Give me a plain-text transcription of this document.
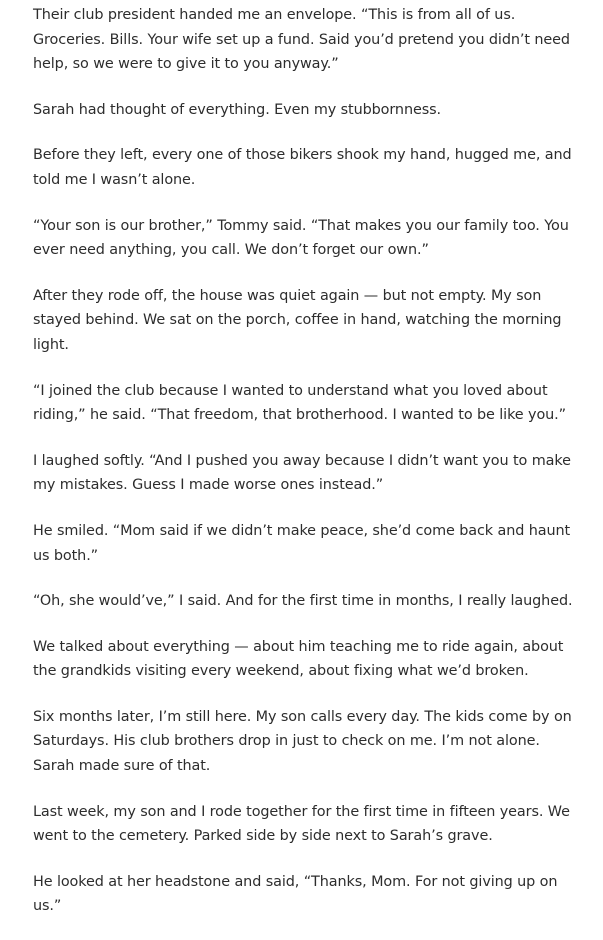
Their club president handed me an envelope. “This is from all of us. Groceries. Bills. Your wife set up a fund. Said you’d pretend you didn’t need help, so we were to give it to you anyway.”

Sarah had thought of everything. Even my stubbornness.

Before they left, every one of those bikers shook my hand, hugged me, and told me I wasn’t alone.

“Your son is our brother,” Tommy said. “That makes you our family too. You ever need anything, you call. We don’t forget our own.”

After they rode off, the house was quiet again — but not empty. My son stayed behind. We sat on the porch, coffee in hand, watching the morning light.

“I joined the club because I wanted to understand what you loved about riding,” he said. “That freedom, that brotherhood. I wanted to be like you.”

I laughed softly. “And I pushed you away because I didn’t want you to make my mistakes. Guess I made worse ones instead.”

He smiled. “Mom said if we didn’t make peace, she’d come back and haunt us both.”

“Oh, she would’ve,” I said. And for the first time in months, I really laughed.

We talked about everything — about him teaching me to ride again, about the grandkids visiting every weekend, about fixing what we’d broken.

Six months later, I’m still here. My son calls every day. The kids come by on Saturdays. His club brothers drop in just to check on me. I’m not alone. Sarah made sure of that.

Last week, my son and I rode together for the first time in fifteen years. We went to the cemetery. Parked side by side next to Sarah’s grave.

He looked at her headstone and said, “Thanks, Mom. For not giving up on us.”
